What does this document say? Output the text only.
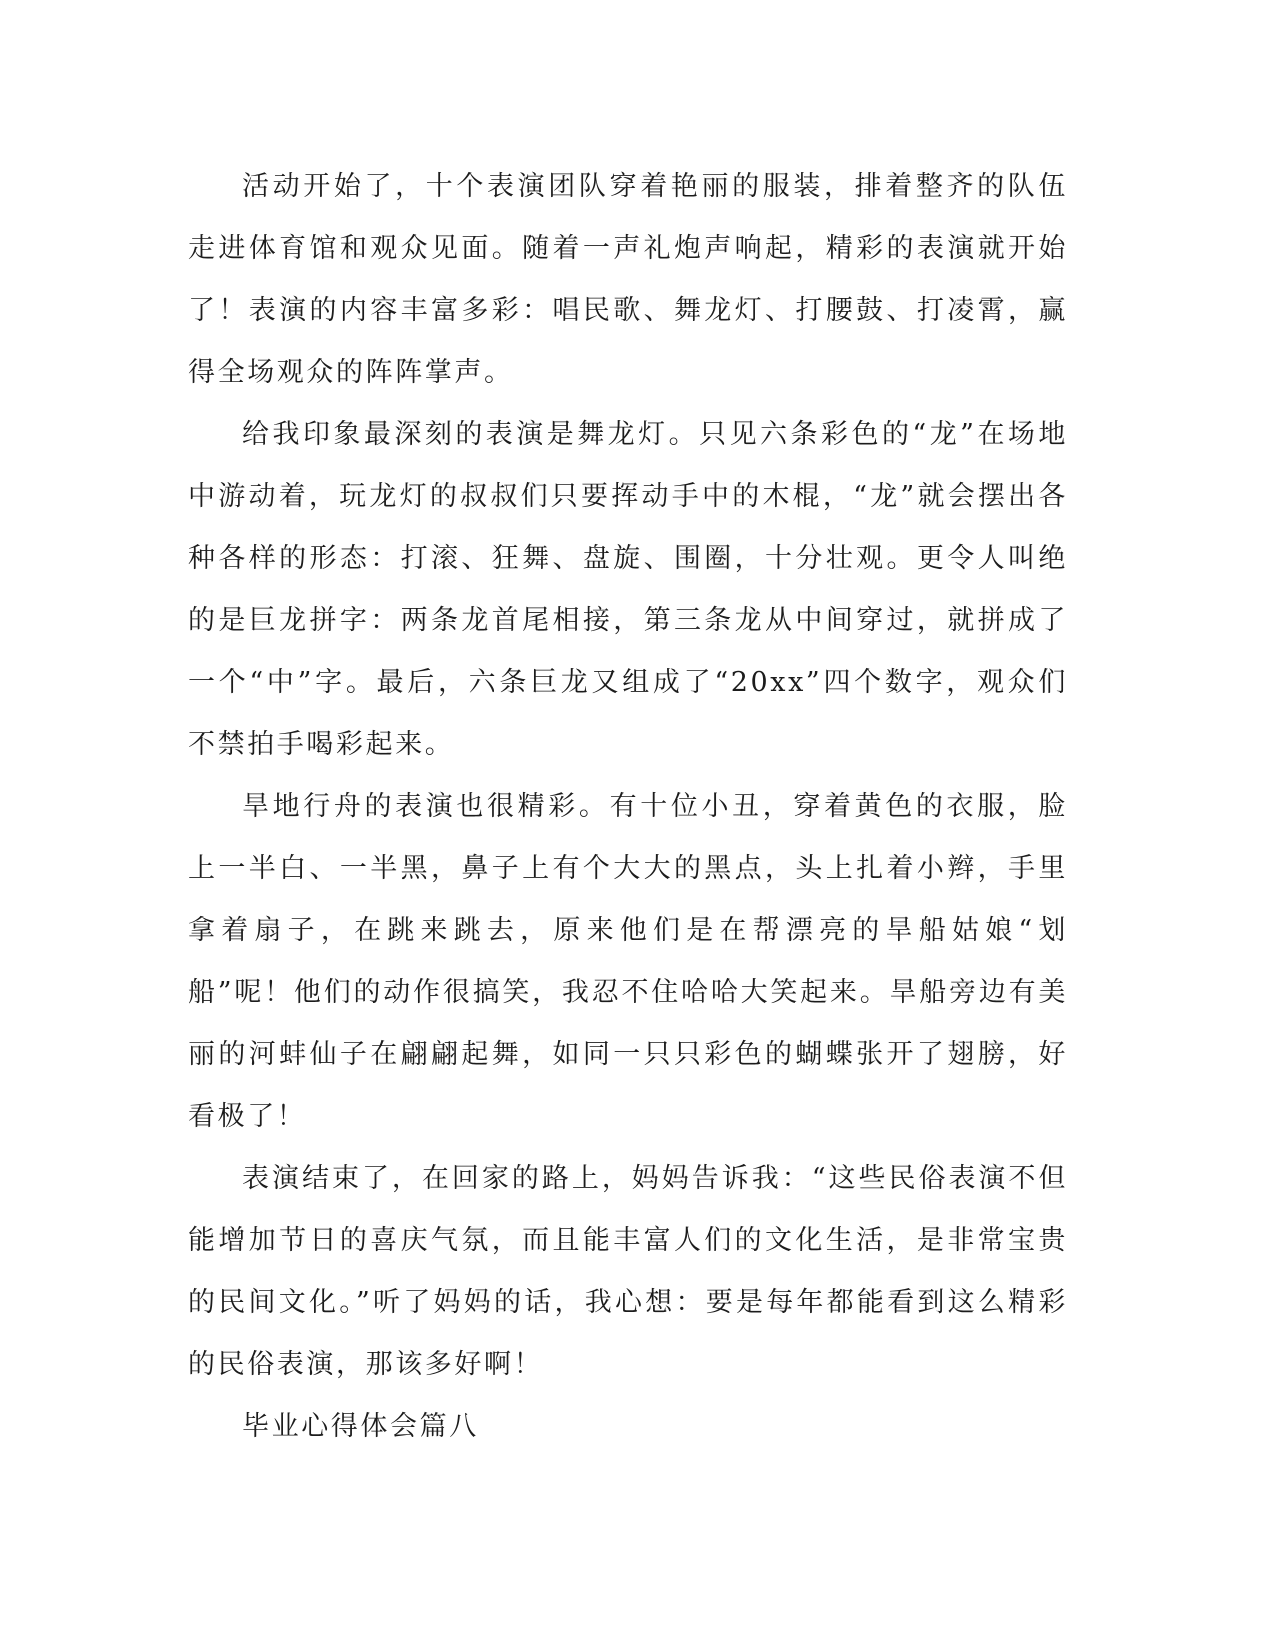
活动开始了，十个表演团队穿着艳丽的服装，排着整齐的队伍走进体育馆和观众见面。随着一声礼炮声响起，精彩的表演就开始了！表演的内容丰富多彩：唱民歌、舞龙灯、打腰鼓、打凌霄，赢得全场观众的阵阵掌声。

给我印象最深刻的表演是舞龙灯。只见六条彩色的“龙”在场地中游动着，玩龙灯的叔叔们只要挥动手中的木棍，“龙”就会摆出各种各样的形态：打滚、狂舞、盘旋、围圈，十分壮观。更令人叫绝的是巨龙拼字：两条龙首尾相接，第三条龙从中间穿过，就拼成了一个“中”字。最后，六条巨龙又组成了“20xx”四个数字，观众们不禁拍手喝彩起来。

旱地行舟的表演也很精彩。有十位小丑，穿着黄色的衣服，脸上一半白、一半黑，鼻子上有个大大的黑点，头上扎着小辫，手里拿着扇子，在跳来跳去，原来他们是在帮漂亮的旱船姑娘“划船”呢！他们的动作很搞笑，我忍不住哈哈大笑起来。旱船旁边有美丽的河蚌仙子在翩翩起舞，如同一只只彩色的蝴蝶张开了翅膀，好看极了！

表演结束了，在回家的路上，妈妈告诉我：“这些民俗表演不但能增加节日的喜庆气氛，而且能丰富人们的文化生活，是非常宝贵的民间文化。”听了妈妈的话，我心想：要是每年都能看到这么精彩的民俗表演，那该多好啊！

毕业心得体会篇八
